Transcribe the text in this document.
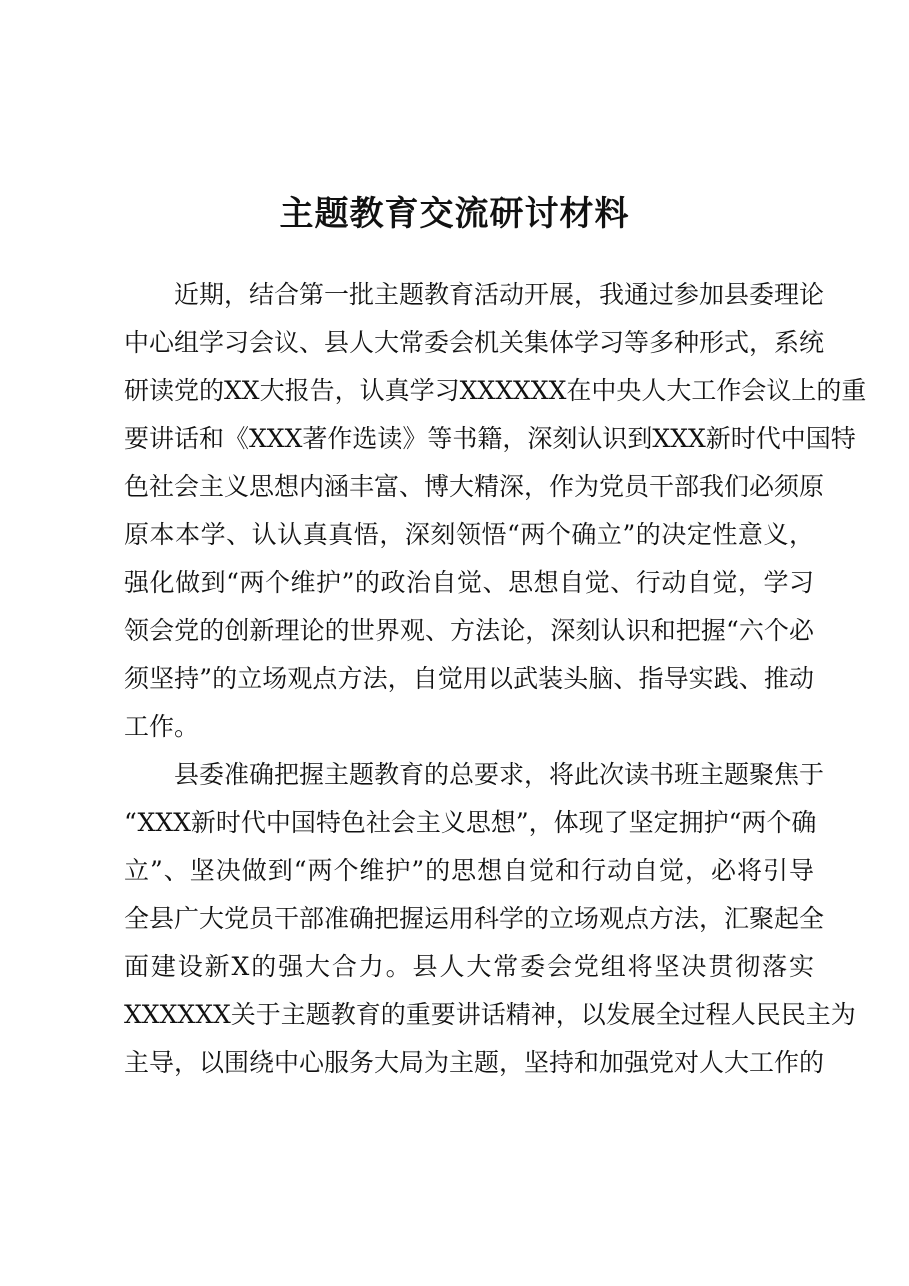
主题教育交流研讨材料
近期，结合第一批主题教育活动开展，我通过参加县委理论
中心组学习会议、县人大常委会机关集体学习等多种形式，系统
研读党的XX大报告，认真学习XXXXXX在中央人大工作会议上的重
要讲话和《XXX著作选读》等书籍，深刻认识到XXX新时代中国特
色社会主义思想内涵丰富、博大精深，作为党员干部我们必须原
原本本学、认认真真悟，深刻领悟“两个确立”的决定性意义，
强化做到“两个维护”的政治自觉、思想自觉、行动自觉，学习
领会党的创新理论的世界观、方法论，深刻认识和把握“六个必
须坚持”的立场观点方法，自觉用以武装头脑、指导实践、推动
工作。
县委准确把握主题教育的总要求，将此次读书班主题聚焦于
“XXX新时代中国特色社会主义思想”，体现了坚定拥护“两个确
立”、坚决做到“两个维护”的思想自觉和行动自觉，必将引导
全县广大党员干部准确把握运用科学的立场观点方法，汇聚起全
面建设新X的强大合力。县人大常委会党组将坚决贯彻落实
XXXXXX关于主题教育的重要讲话精神，以发展全过程人民民主为
主导，以围绕中心服务大局为主题，坚持和加强党对人大工作的
